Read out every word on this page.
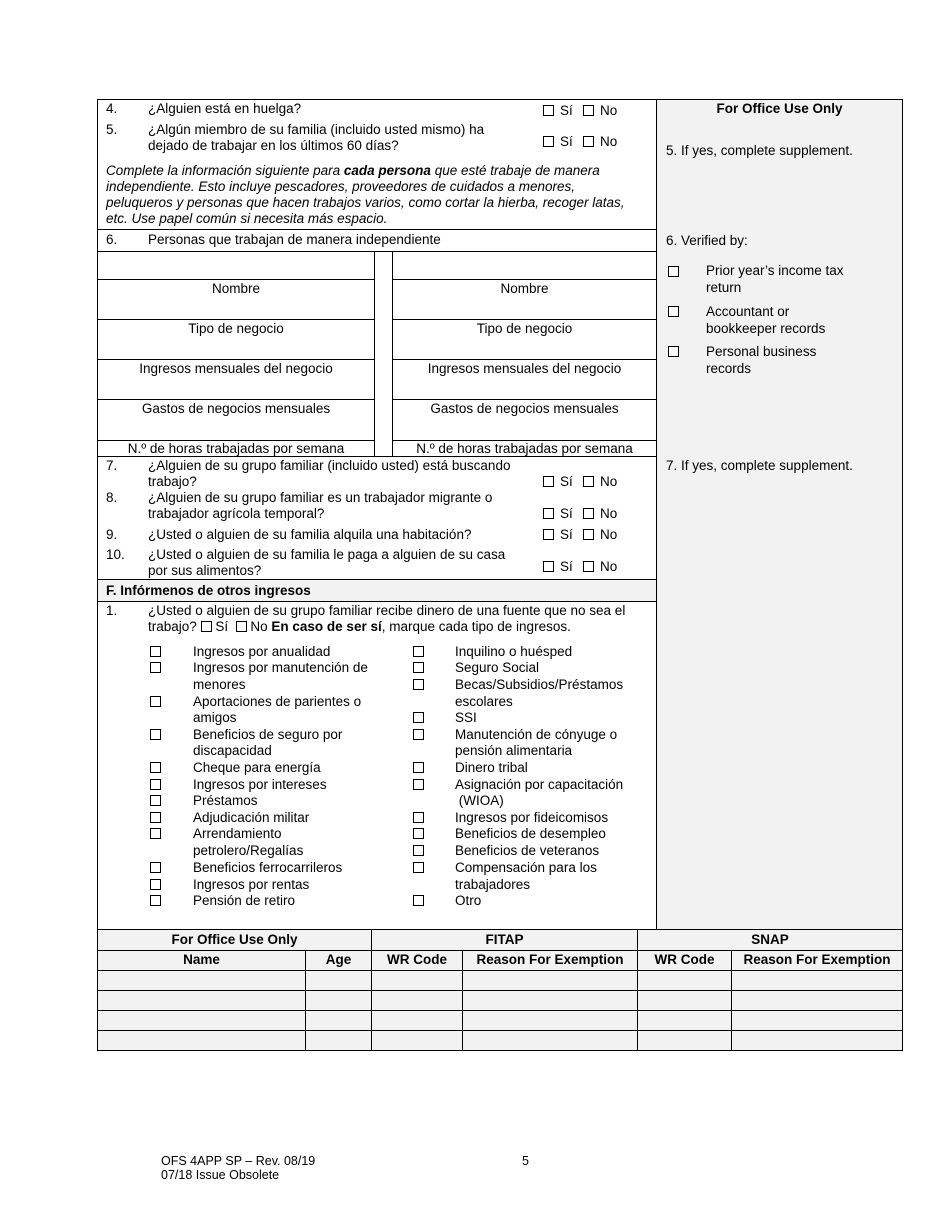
4. ¿Alguien está en huelga?	Sí No
5. ¿Algún miembro de su familia (incluido usted mismo) ha
dejado de trabajar en los últimos 60 días?	Sí No
Complete la información siguiente para cada persona que esté trabaje de manera
independiente. Esto incluye pescadores, proveedores de cuidados a menores,
peluqueros y personas que hacen trabajos varios, como cortar la hierba, recoger latas,
etc. Use papel común si necesita más espacio.
6. Personas que trabajan de manera independiente
Nombre
Tipo de negocio
Ingresos mensuales del negocio
Gastos de negocios mensuales
N.º de horas trabajadas por semana
Nombre
Tipo de negocio
Ingresos mensuales del negocio
Gastos de negocios mensuales
N.º de horas trabajadas por semana
7. ¿Alguien de su grupo familiar (incluido usted) está buscando
trabajo?	Sí No
8. ¿Alguien de su grupo familiar es un trabajador migrante o
trabajador agrícola temporal?	Sí No
9. ¿Usted o alguien de su familia alquila una habitación?	Sí No
10. ¿Usted o alguien de su familia le paga a alguien de su casa
por sus alimentos?	Sí No
F. Infórmenos de otros ingresos
1. ¿Usted o alguien de su grupo familiar recibe dinero de una fuente que no sea el
trabajo? Sí No En caso de ser sí, marque cada tipo de ingresos.
Ingresos por anualidad
Ingresos por manutención de
menores
Aportaciones de parientes o
amigos
Beneficios de seguro por
discapacidad
Cheque para energía
Ingresos por intereses
Préstamos
Adjudicación militar
Arrendamiento
petrolero/Regalías
Beneficios ferrocarrileros
Ingresos por rentas
Pensión de retiro
Inquilino o huésped
Seguro Social
Becas/Subsidios/Préstamos
escolares
SSI
Manutención de cónyuge o
pensión alimentaria
Dinero tribal
Asignación por capacitación
(WIOA)
Ingresos por fideicomisos
Beneficios de desempleo
Beneficios de veteranos
Compensación para los
trabajadores
Otro
For Office Use Only
5. If yes, complete supplement.
6. Verified by:
Prior year’s income tax
return
Accountant or
bookkeeper records
Personal business
records
7. If yes, complete supplement.
For Office Use Only	FITAP	SNAP
Name	Age	WR Code	Reason For Exemption	WR Code	Reason For Exemption
OFS 4APP SP – Rev. 08/19
07/18 Issue Obsolete
5
